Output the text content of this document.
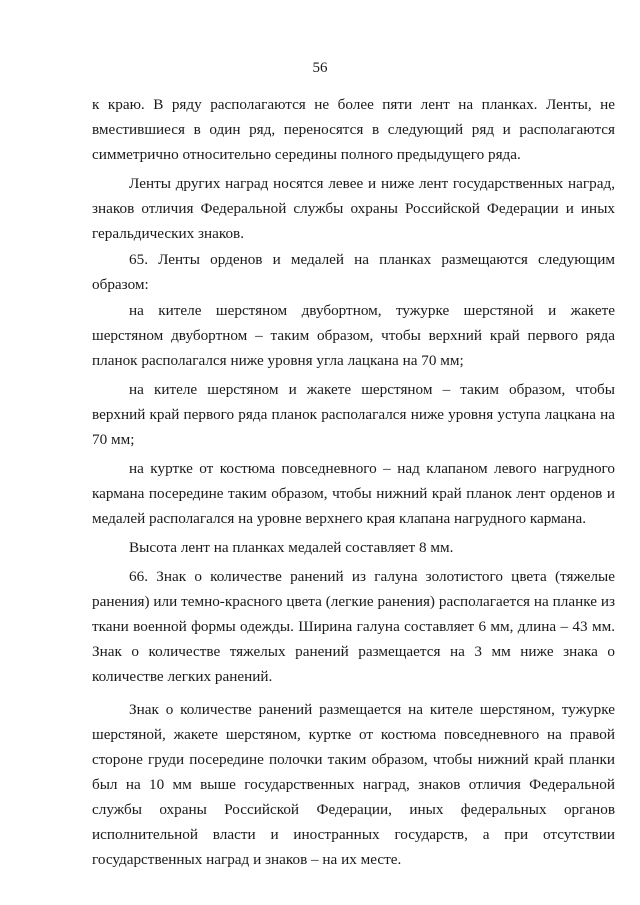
56

к краю. В ряду располагаются не более пяти лент на планках. Ленты, не вместившиеся в один ряд, переносятся в следующий ряд и располагаются симметрично относительно середины полного предыдущего ряда.

Ленты других наград носятся левее и ниже лент государственных наград, знаков отличия Федеральной службы охраны Российской Федерации и иных геральдических знаков.

65. Ленты орденов и медалей на планках размещаются следующим образом:

на кителе шерстяном двубортном, тужурке шерстяной и жакете шерстяном двубортном – таким образом, чтобы верхний край первого ряда планок располагался ниже уровня угла лацкана на 70 мм;

на кителе шерстяном и жакете шерстяном – таким образом, чтобы верхний край первого ряда планок располагался ниже уровня уступа лацкана на 70 мм;

на куртке от костюма повседневного – над клапаном левого нагрудного кармана посередине таким образом, чтобы нижний край планок лент орденов и медалей располагался на уровне верхнего края клапана нагрудного кармана.

Высота лент на планках медалей составляет 8 мм.

66. Знак о количестве ранений из галуна золотистого цвета (тяжелые ранения) или темно-красного цвета (легкие ранения) располагается на планке из ткани военной формы одежды. Ширина галуна составляет 6 мм, длина – 43 мм. Знак о количестве тяжелых ранений размещается на 3 мм ниже знака о количестве легких ранений.

Знак о количестве ранений размещается на кителе шерстяном, тужурке шерстяной, жакете шерстяном, куртке от костюма повседневного на правой стороне груди посередине полочки таким образом, чтобы нижний край планки был на 10 мм выше государственных наград, знаков отличия Федеральной службы охраны Российской Федерации, иных федеральных органов исполнительной власти и иностранных государств, а при отсутствии государственных наград и знаков – на их месте.
